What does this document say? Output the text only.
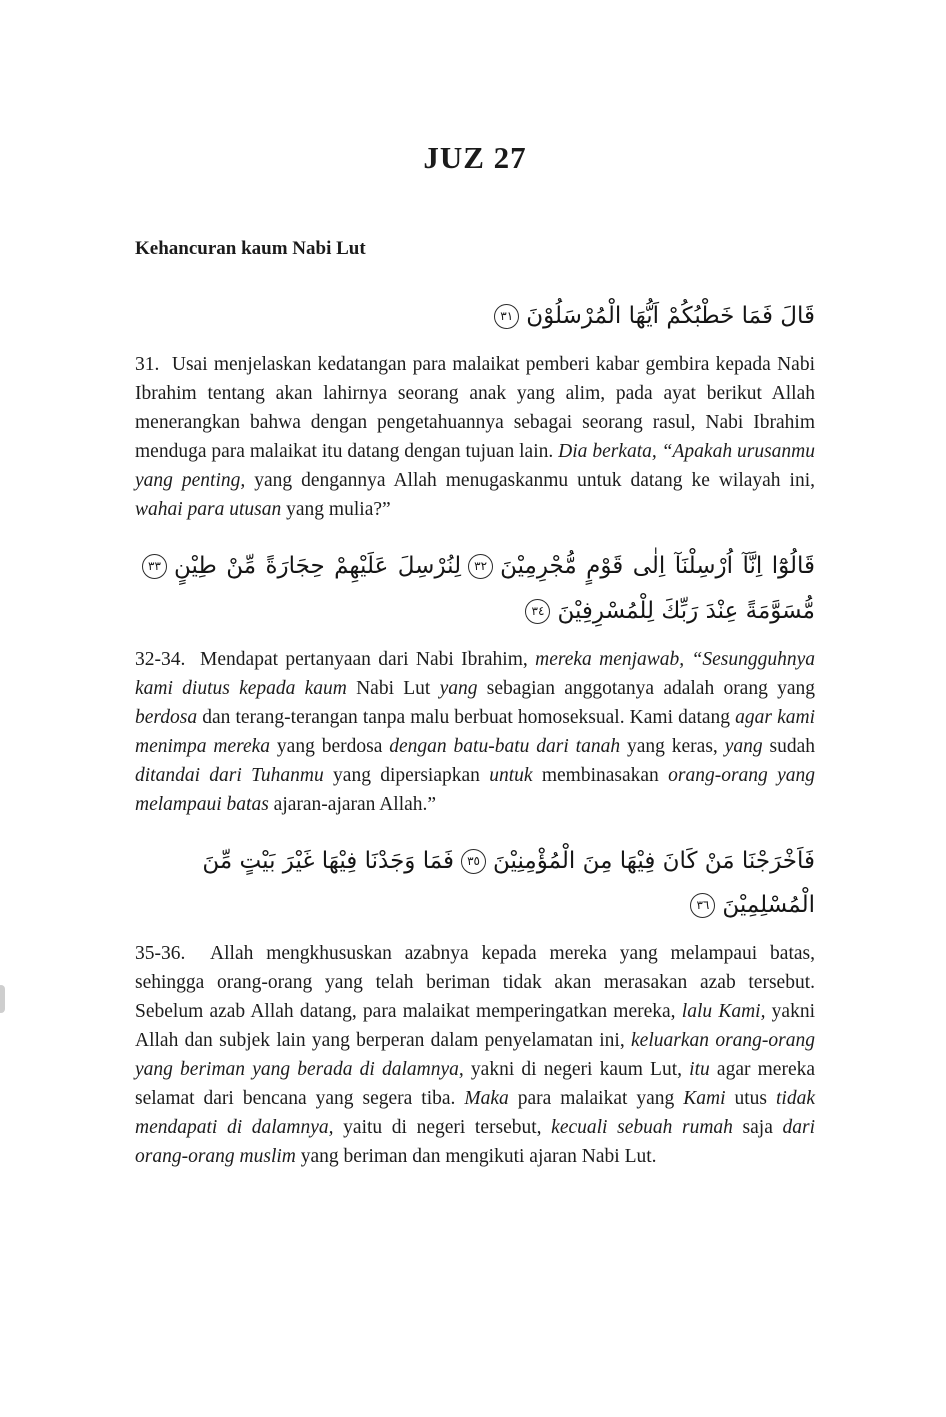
JUZ 27
Kehancuran kaum Nabi Lut
قَالَ فَمَا خَطْبُكُمْ اَيُّهَا الْمُرْسَلُوْنَ٣١

31.  Usai menjelaskan kedatangan para malaikat pemberi kabar gembira kepada Nabi Ibrahim tentang akan lahirnya seorang anak yang alim, pada ayat berikut Allah menerangkan bahwa dengan pengetahuannya sebagai seorang rasul, Nabi Ibrahim menduga para malaikat itu datang dengan tujuan lain. Dia berkata, “Apakah urusanmu yang penting, yang dengannya Allah menugaskanmu untuk datang ke wilayah ini, wahai para utusan yang mulia?”

قَالُوْٓا اِنَّآ اُرْسِلْنَآ اِلٰى قَوْمٍ مُّجْرِمِيْنَ٣٢لِنُرْسِلَ عَلَيْهِمْ حِجَارَةً مِّنْ طِيْنٍ٣٣مُّسَوَّمَةً عِنْدَ رَبِّكَ لِلْمُسْرِفِيْنَ٣٤

32-34.  Mendapat pertanyaan dari Nabi Ibrahim, mereka menjawab, “Sesungguhnya kami diutus kepada kaum Nabi Lut yang sebagian anggotanya adalah orang yang berdosa dan terang-terangan tanpa malu berbuat homoseksual. Kami datang agar kami menimpa mereka yang berdosa dengan batu-batu dari tanah yang keras, yang sudah ditandai dari Tuhanmu yang dipersiapkan untuk membinasakan orang-orang yang melampaui batas ajaran-ajaran Allah.”

فَاَخْرَجْنَا مَنْ كَانَ فِيْهَا مِنَ الْمُؤْمِنِيْنَ٣٥فَمَا وَجَدْنَا فِيْهَا غَيْرَ بَيْتٍ مِّنَ الْمُسْلِمِيْنَ٣٦

35-36.  Allah mengkhususkan azabnya kepada mereka yang melampaui batas, sehingga orang-orang yang telah beriman tidak akan merasakan azab tersebut. Sebelum azab Allah datang, para malaikat memperingatkan mereka, lalu Kami, yakni Allah dan subjek lain yang berperan dalam penyelamatan ini, keluarkan orang-orang yang beriman yang berada di dalamnya, yakni di negeri kaum Lut, itu agar mereka selamat dari bencana yang segera tiba. Maka para malaikat yang Kami utus tidak mendapati di dalamnya, yaitu di negeri tersebut, kecuali sebuah rumah saja dari orang-orang muslim yang beriman dan mengikuti ajaran Nabi Lut.
